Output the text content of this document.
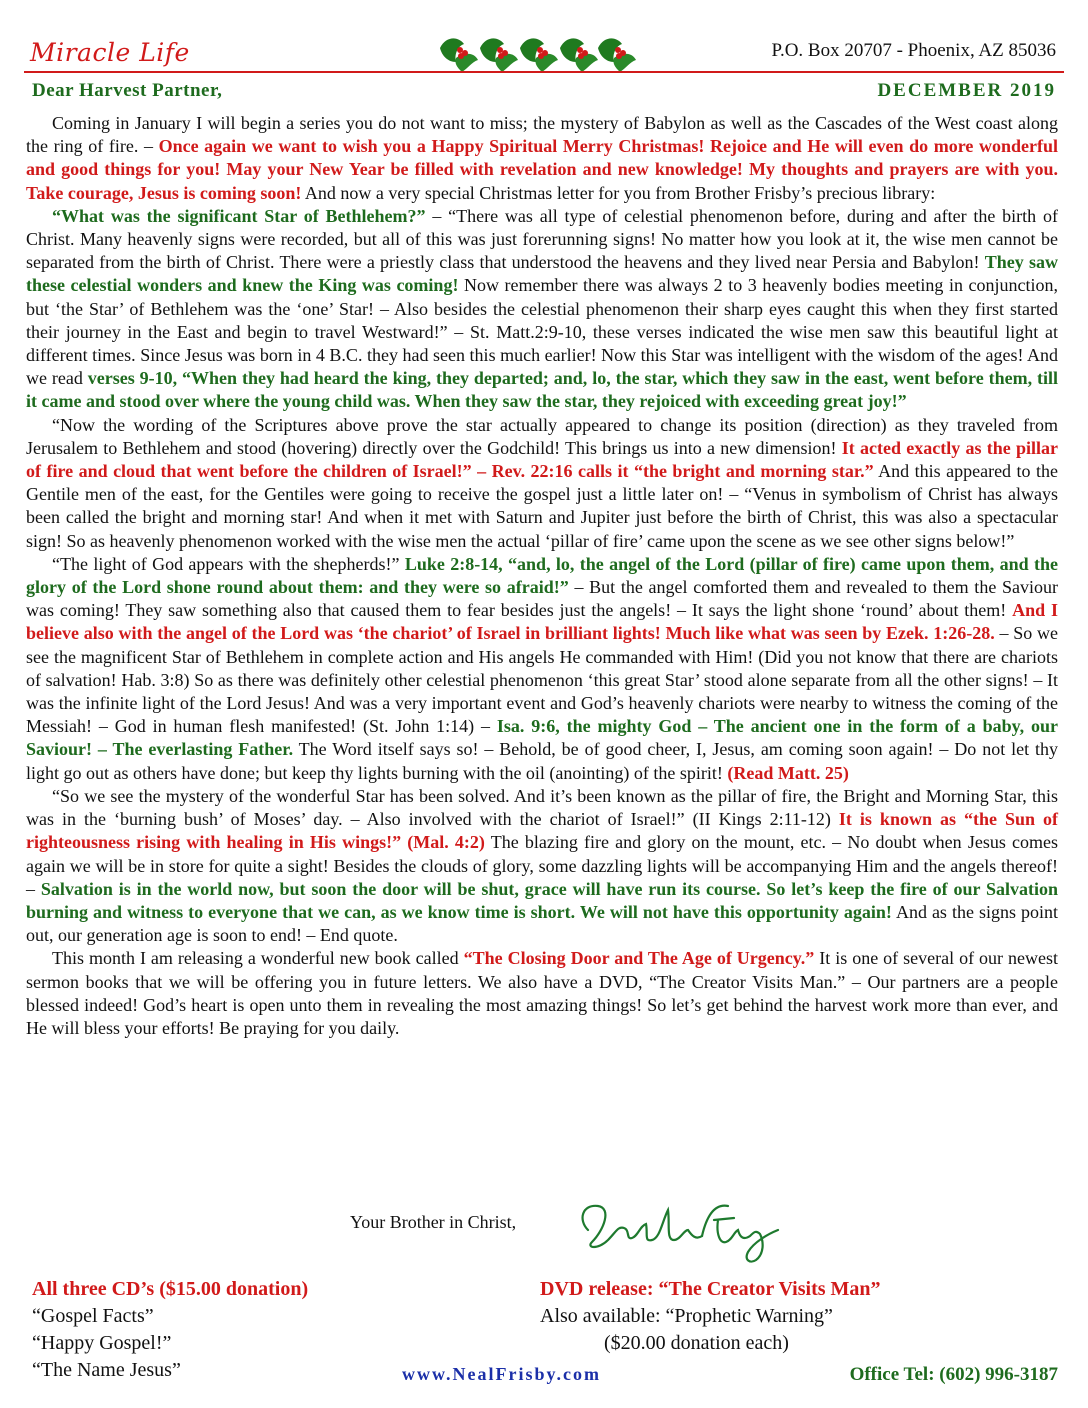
Miracle Life	P.O. Box 20707 - Phoenix, AZ 85036
Dear Harvest Partner,	DECEMBER 2019

Coming in January I will begin a series you do not want to miss; the mystery of Babylon as well as the Cascades of the West coast along the ring of fire. – Once again we want to wish you a Happy Spiritual Merry Christmas! Rejoice and He will even do more wonderful and good things for you! May your New Year be filled with revelation and new knowledge! My thoughts and prayers are with you. Take courage, Jesus is coming soon! And now a very special Christmas letter for you from Brother Frisby’s precious library:

“What was the significant Star of Bethlehem?” – “There was all type of celestial phenomenon before, during and after the birth of Christ. Many heavenly signs were recorded, but all of this was just forerunning signs! No matter how you look at it, the wise men cannot be separated from the birth of Christ. There were a priestly class that understood the heavens and they lived near Persia and Babylon! They saw these celestial wonders and knew the King was coming! Now remember there was always 2 to 3 heavenly bodies meeting in conjunction, but ‘the Star’ of Bethlehem was the ‘one’ Star! – Also besides the celestial phenomenon their sharp eyes caught this when they first started their journey in the East and begin to travel Westward!” – St. Matt.2:9-10, these verses indicated the wise men saw this beautiful light at different times. Since Jesus was born in 4 B.C. they had seen this much earlier! Now this Star was intelligent with the wisdom of the ages! And we read verses 9-10, “When they had heard the king, they departed; and, lo, the star, which they saw in the east, went before them, till it came and stood over where the young child was. When they saw the star, they rejoiced with exceeding great joy!”

“Now the wording of the Scriptures above prove the star actually appeared to change its position (direction) as they traveled from Jerusalem to Bethlehem and stood (hovering) directly over the Godchild! This brings us into a new dimension! It acted exactly as the pillar of fire and cloud that went before the children of Israel!” – Rev. 22:16 calls it “the bright and morning star.” And this appeared to the Gentile men of the east, for the Gentiles were going to receive the gospel just a little later on! – “Venus in symbolism of Christ has always been called the bright and morning star! And when it met with Saturn and Jupiter just before the birth of Christ, this was also a spectacular sign! So as heavenly phenomenon worked with the wise men the actual ‘pillar of fire’ came upon the scene as we see other signs below!”

“The light of God appears with the shepherds!” Luke 2:8-14, “and, lo, the angel of the Lord (pillar of fire) came upon them, and the glory of the Lord shone round about them: and they were so afraid!” – But the angel comforted them and revealed to them the Saviour was coming! They saw something also that caused them to fear besides just the angels! – It says the light shone ‘round’ about them! And I believe also with the angel of the Lord was ‘the chariot’ of Israel in brilliant lights! Much like what was seen by Ezek. 1:26-28. – So we see the magnificent Star of Bethlehem in complete action and His angels He commanded with Him! (Did you not know that there are chariots of salvation! Hab. 3:8) So as there was definitely other celestial phenomenon ‘this great Star’ stood alone separate from all the other signs! – It was the infinite light of the Lord Jesus! And was a very important event and God’s heavenly chariots were nearby to witness the coming of the Messiah! – God in human flesh manifested! (St. John 1:14) – Isa. 9:6, the mighty God – The ancient one in the form of a baby, our Saviour! – The everlasting Father. The Word itself says so! – Behold, be of good cheer, I, Jesus, am coming soon again! – Do not let thy light go out as others have done; but keep thy lights burning with the oil (anointing) of the spirit! (Read Matt. 25)

“So we see the mystery of the wonderful Star has been solved. And it’s been known as the pillar of fire, the Bright and Morning Star, this was in the ‘burning bush’ of Moses’ day. – Also involved with the chariot of Israel!” (II Kings 2:11-12) It is known as “the Sun of righteousness rising with healing in His wings!” (Mal. 4:2) The blazing fire and glory on the mount, etc. – No doubt when Jesus comes again we will be in store for quite a sight! Besides the clouds of glory, some dazzling lights will be accompanying Him and the angels thereof! – Salvation is in the world now, but soon the door will be shut, grace will have run its course. So let’s keep the fire of our Salvation burning and witness to everyone that we can, as we know time is short. We will not have this opportunity again! And as the signs point out, our generation age is soon to end! – End quote.

This month I am releasing a wonderful new book called “The Closing Door and The Age of Urgency.” It is one of several of our newest sermon books that we will be offering you in future letters. We also have a DVD, “The Creator Visits Man.” – Our partners are a people blessed indeed! God’s heart is open unto them in revealing the most amazing things! So let’s get behind the harvest work more than ever, and He will bless your efforts! Be praying for you daily.

Your Brother in Christ,
All three CD’s ($15.00 donation)
“Gospel Facts”
“Happy Gospel!”
“The Name Jesus”
DVD release: “The Creator Visits Man”
Also available: “Prophetic Warning”
($20.00 donation each)
www.NealFrisby.com	Office Tel: (602) 996-3187
